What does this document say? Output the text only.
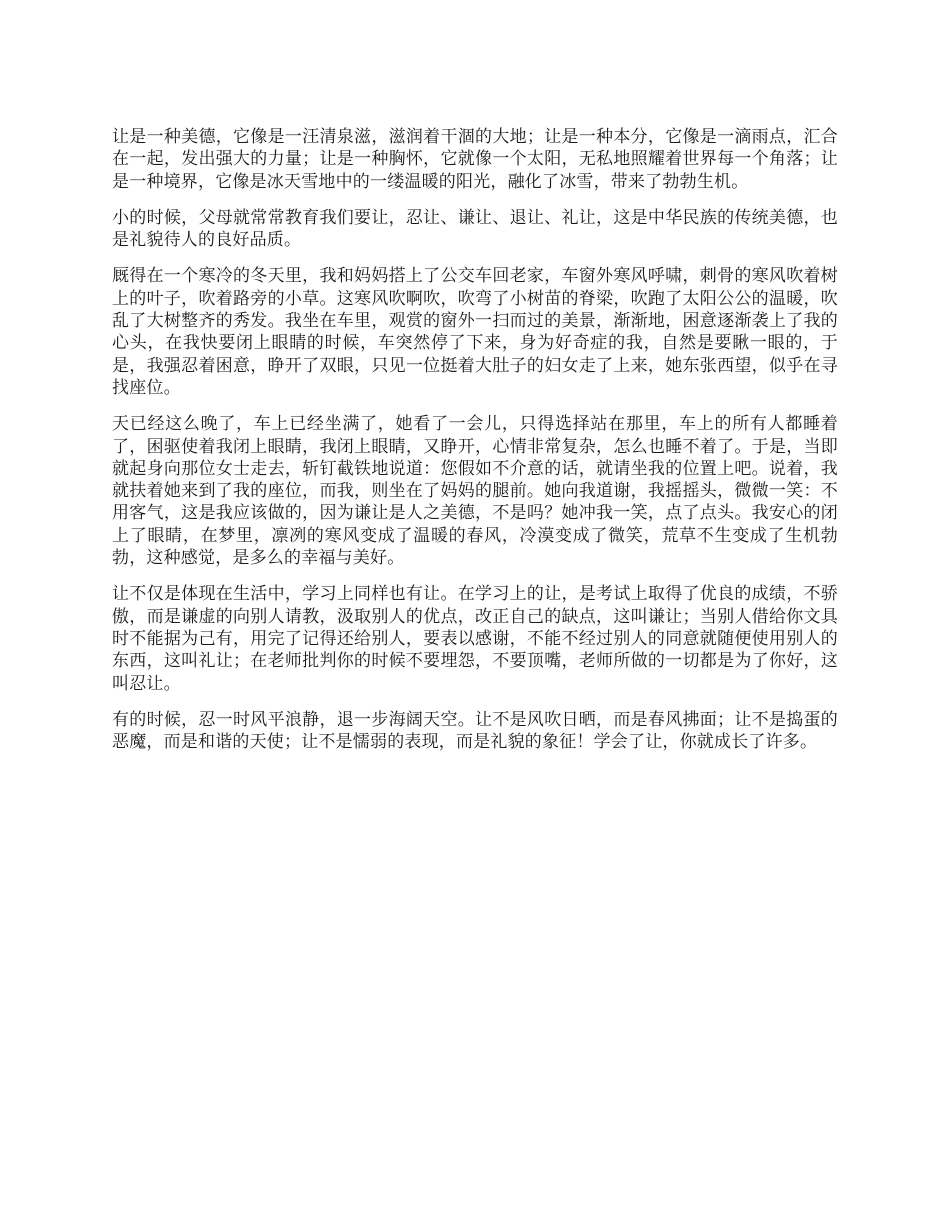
让是一种美德，它像是一汪清泉滋，滋润着干涸的大地；让是一种本分，它像是一滴雨点，汇合在一起，发出强大的力量；让是一种胸怀，它就像一个太阳，无私地照耀着世界每一个角落；让是一种境界，它像是冰天雪地中的一缕温暖的阳光，融化了冰雪，带来了勃勃生机。

小的时候，父母就常常教育我们要让，忍让、谦让、退让、礼让，这是中华民族的传统美德，也是礼貌待人的良好品质。

厩得在一个寒冷的冬天里，我和妈妈搭上了公交车回老家，车窗外寒风呼啸，刺骨的寒风吹着树上的叶子，吹着路旁的小草。这寒风吹啊吹，吹弯了小树苗的脊梁，吹跑了太阳公公的温暖，吹乱了大树整齐的秀发。我坐在车里，观赏的窗外一扫而过的美景，渐渐地，困意逐渐袭上了我的心头，在我快要闭上眼睛的时候，车突然停了下来，身为好奇症的我，自然是要瞅一眼的，于是，我强忍着困意，睁开了双眼，只见一位挺着大肚子的妇女走了上来，她东张西望，似乎在寻找座位。

天已经这么晚了，车上已经坐满了，她看了一会儿，只得选择站在那里，车上的所有人都睡着了，困驱使着我闭上眼睛，我闭上眼睛，又睁开，心情非常复杂，怎么也睡不着了。于是，当即就起身向那位女士走去，斩钉截铁地说道：您假如不介意的话，就请坐我的位置上吧。说着，我就扶着她来到了我的座位，而我，则坐在了妈妈的腿前。她向我道谢，我摇摇头，微微一笑：不用客气，这是我应该做的，因为谦让是人之美德，不是吗？她冲我一笑，点了点头。我安心的闭上了眼睛，在梦里，凛冽的寒风变成了温暖的春风，冷漠变成了微笑，荒草不生变成了生机勃勃，这种感觉，是多么的幸福与美好。

让不仅是体现在生活中，学习上同样也有让。在学习上的让，是考试上取得了优良的成绩，不骄傲，而是谦虚的向别人请教，汲取别人的优点，改正自己的缺点，这叫谦让；当别人借给你文具时不能据为己有，用完了记得还给别人，要表以感谢，不能不经过别人的同意就随便使用别人的东西，这叫礼让；在老师批判你的时候不要埋怨，不要顶嘴，老师所做的一切都是为了你好，这叫忍让。

有的时候，忍一时风平浪静，退一步海阔天空。让不是风吹日晒，而是春风拂面；让不是捣蛋的恶魔，而是和谐的天使；让不是懦弱的表现，而是礼貌的象征！学会了让，你就成长了许多。
